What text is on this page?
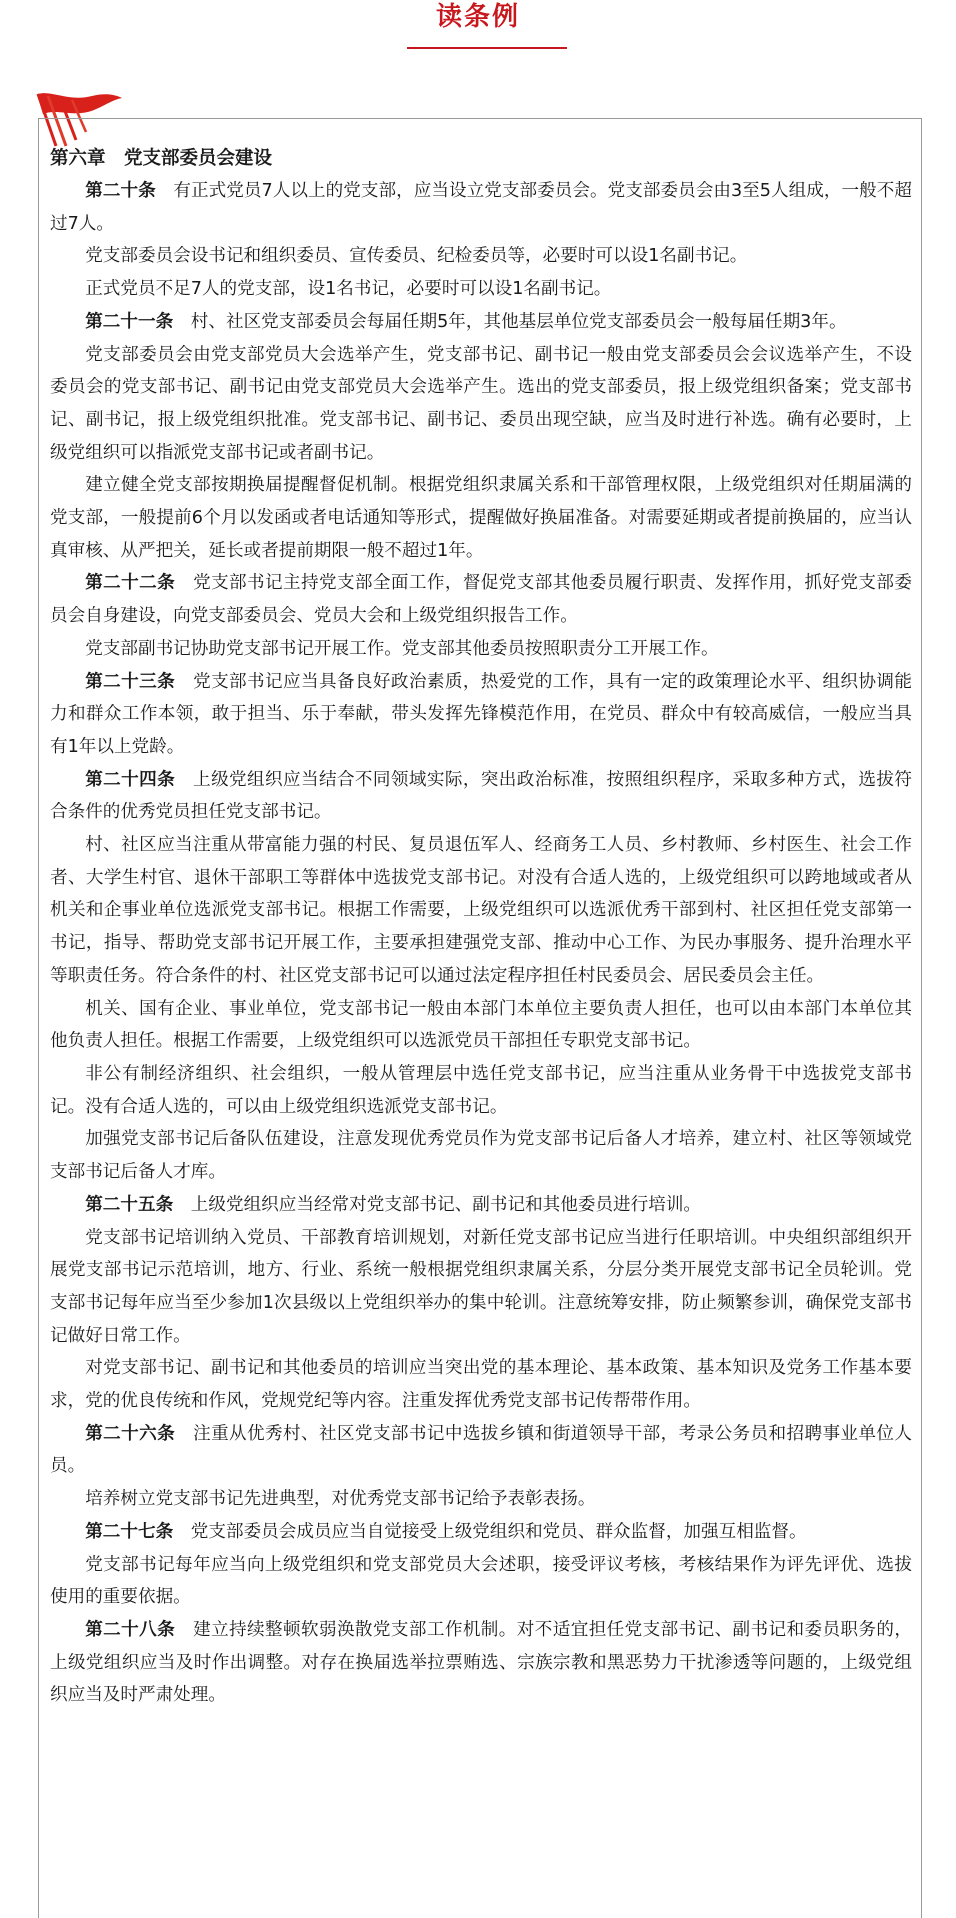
读条例

第六章　党支部委员会建设

第二十条　 有正式党员7人以上的党支部，应当设立党支部委员会。党支部委员会由3至5人组成，一般不超过7人。

党支部委员会设书记和组织委员、宣传委员、纪检委员等，必要时可以设1名副书记。

正式党员不足7人的党支部，设1名书记，必要时可以设1名副书记。

第二十一条　 村、社区党支部委员会每届任期5年，其他基层单位党支部委员会一般每届任期3年。

党支部委员会由党支部党员大会选举产生，党支部书记、副书记一般由党支部委员会会议选举产生，不设委员会的党支部书记、副书记由党支部党员大会选举产生。选出的党支部委员，报上级党组织备案；党支部书记、副书记，报上级党组织批准。党支部书记、副书记、委员出现空缺，应当及时进行补选。确有必要时，上级党组织可以指派党支部书记或者副书记。

建立健全党支部按期换届提醒督促机制。根据党组织隶属关系和干部管理权限，上级党组织对任期届满的党支部，一般提前6个月以发函或者电话通知等形式，提醒做好换届准备。对需要延期或者提前换届的，应当认真审核、从严把关，延长或者提前期限一般不超过1年。

第二十二条　 党支部书记主持党支部全面工作，督促党支部其他委员履行职责、发挥作用，抓好党支部委员会自身建设，向党支部委员会、党员大会和上级党组织报告工作。

党支部副书记协助党支部书记开展工作。党支部其他委员按照职责分工开展工作。

第二十三条　 党支部书记应当具备良好政治素质，热爱党的工作，具有一定的政策理论水平、组织协调能力和群众工作本领，敢于担当、乐于奉献，带头发挥先锋模范作用，在党员、群众中有较高威信，一般应当具有1年以上党龄。

第二十四条　 上级党组织应当结合不同领域实际，突出政治标准，按照组织程序，采取多种方式，选拔符合条件的优秀党员担任党支部书记。

村、社区应当注重从带富能力强的村民、复员退伍军人、经商务工人员、乡村教师、乡村医生、社会工作者、大学生村官、退休干部职工等群体中选拔党支部书记。对没有合适人选的，上级党组织可以跨地域或者从机关和企事业单位选派党支部书记。根据工作需要，上级党组织可以选派优秀干部到村、社区担任党支部第一书记，指导、帮助党支部书记开展工作，主要承担建强党支部、推动中心工作、为民办事服务、提升治理水平等职责任务。符合条件的村、社区党支部书记可以通过法定程序担任村民委员会、居民委员会主任。

机关、国有企业、事业单位，党支部书记一般由本部门本单位主要负责人担任，也可以由本部门本单位其他负责人担任。根据工作需要，上级党组织可以选派党员干部担任专职党支部书记。

非公有制经济组织、社会组织，一般从管理层中选任党支部书记，应当注重从业务骨干中选拔党支部书记。没有合适人选的，可以由上级党组织选派党支部书记。

加强党支部书记后备队伍建设，注意发现优秀党员作为党支部书记后备人才培养，建立村、社区等领域党支部书记后备人才库。

第二十五条　 上级党组织应当经常对党支部书记、副书记和其他委员进行培训。

党支部书记培训纳入党员、干部教育培训规划，对新任党支部书记应当进行任职培训。中央组织部组织开展党支部书记示范培训，地方、行业、系统一般根据党组织隶属关系，分层分类开展党支部书记全员轮训。党支部书记每年应当至少参加1次县级以上党组织举办的集中轮训。注意统筹安排，防止频繁参训，确保党支部书记做好日常工作。

对党支部书记、副书记和其他委员的培训应当突出党的基本理论、基本政策、基本知识及党务工作基本要求，党的优良传统和作风，党规党纪等内容。注重发挥优秀党支部书记传帮带作用。

第二十六条　 注重从优秀村、社区党支部书记中选拔乡镇和街道领导干部，考录公务员和招聘事业单位人员。

培养树立党支部书记先进典型，对优秀党支部书记给予表彰表扬。

第二十七条　 党支部委员会成员应当自觉接受上级党组织和党员、群众监督，加强互相监督。

党支部书记每年应当向上级党组织和党支部党员大会述职，接受评议考核，考核结果作为评先评优、选拔使用的重要依据。

第二十八条　 建立持续整顿软弱涣散党支部工作机制。对不适宜担任党支部书记、副书记和委员职务的，上级党组织应当及时作出调整。对存在换届选举拉票贿选、宗族宗教和黑恶势力干扰渗透等问题的，上级党组织应当及时严肃处理。
